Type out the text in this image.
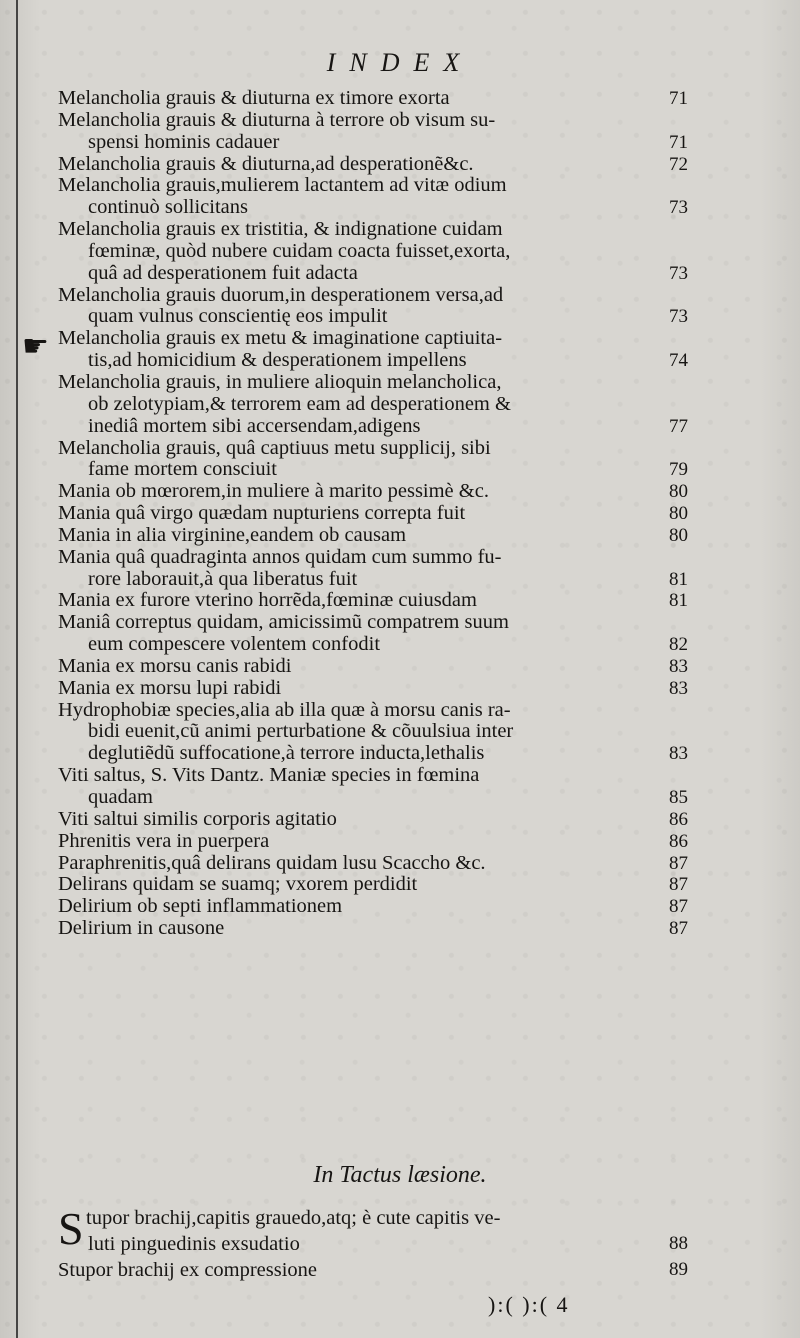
INDEX
☛
Melancholia grauis & diuturna ex timore exorta	71
Melancholia grauis & diuturna à terrore ob visum su-
spensi hominis cadauer	71
Melancholia grauis & diuturna,ad desperationẽ&c.	72
Melancholia grauis,mulierem lactantem ad vitæ odium
continuò sollicitans	73
Melancholia grauis ex tristitia, & indignatione cuidam
fœminæ, quòd nubere cuidam coacta fuisset,exorta,
quâ ad desperationem fuit adacta	73
Melancholia grauis duorum,in desperationem versa,ad
quam vulnus conscientię eos impulit	73
Melancholia grauis ex metu & imaginatione captiuita-
tis,ad homicidium & desperationem impellens	74
Melancholia grauis, in muliere alioquin melancholica,
ob zelotypiam,& terrorem eam ad desperationem &
inediâ mortem sibi accersendam,adigens	77
Melancholia grauis, quâ captiuus metu supplicij, sibi
fame mortem consciuit	79
Mania ob mœrorem,in muliere à marito pessimè &c.	80
Mania quâ virgo quædam nupturiens correpta fuit	80
Mania in alia virginine,eandem ob causam	80
Mania quâ quadraginta annos quidam cum summo fu-
rore laborauit,à qua liberatus fuit	81
Mania ex furore vterino horrẽda,fœminæ cuiusdam	81
Maniâ correptus quidam, amicissimũ compatrem suum
eum compescere volentem confodit	82
Mania ex morsu canis rabidi	83
Mania ex morsu lupi rabidi	83
Hydrophobiæ species,alia ab illa quæ à morsu canis ra-
bidi euenit,cũ animi perturbatione & cõuulsiua inter
deglutiẽdũ suffocatione,à terrore inducta,lethalis	83
Viti saltus, S. Vits Dantz. Maniæ species in fœmina
quadam	85
Viti saltui similis corporis agitatio	86
Phrenitis vera in puerpera	86
Paraphrenitis,quâ delirans quidam lusu Scaccho &c.	87
Delirans quidam se suamq; vxorem perdidit	87
Delirium ob septi inflammationem	87
Delirium in causone	87
In Tactus læsione.
S tupor brachij,capitis grauedo,atq; è cute capitis ve-
luti pinguedinis exsudatio	88
Stupor brachij ex compressione	89
):( ):( 4
